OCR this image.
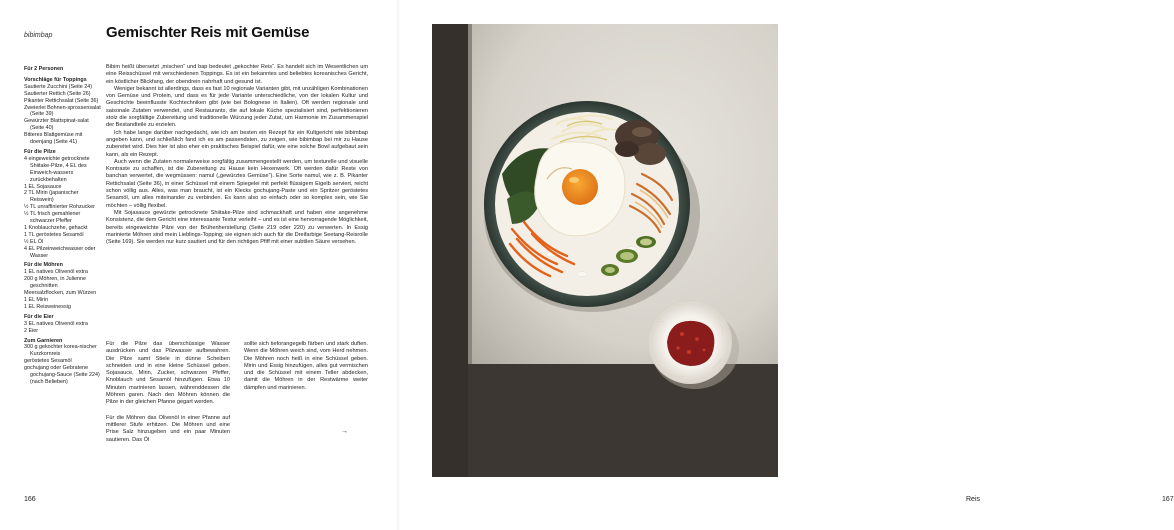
bibimbap	Gemischter Reis mit Gemüse
Für 2 Personen
Vorschläge für Toppings
Sautierte Zucchini (Seite 24)
Sautierter Rettich (Seite 26)
Pikanter Rettichsalat (Seite 36)
Zweierlei Bohnen-sprossensalat (Seite 39)
Gewürzter Blattspinat-salat (Seite 40)
Bitteres Blattgemüse mit doenjang (Seite 41)
Für die Pilze
4 eingeweichte getrocknete Shiitake-Pilze, 4 EL des Einweich-wassers zurückbehalten
1 EL Sojasauce
2 TL Mirin (japanischer Reiswein)
½ TL unraffinierter Rohzucker
½ TL frisch gemahlener schwarzer Pfeffer
1 Knoblauchzehe, gehackt
1 TL geröstetes Sesamöl
½ EL Öl
4 EL Pilzeinweichwasser oder Wasser
Für die Möhren
1 EL natives Olivenöl extra
200 g Möhren, in Julienne geschnitten
Meersalzflocken, zum Würzen
1 EL Mirin
1 EL Reisweinessig
Für die Eier
3 EL natives Olivenöl extra
2 Eier
Zum Garnieren
300 g gekochter korea-nischer Kurzkornreis
geröstetes Sesamöl
gochujang oder Gebratene gochujang-Sauce (Seite 224) (nach Belieben)

Bibim heißt übersetzt „mischen“ und bap bedeutet „gekochter Reis“. Es handelt sich im Wesentlichen um eine Reisschüssel mit verschiedenen Toppings. Es ist ein bekanntes und beliebtes koreanisches Gericht, ein köstlicher Blickfang, der obendrein nahrhaft und gesund ist.

Weniger bekannt ist allerdings, dass es fast 10 regionale Varianten gibt, mit unzähligen Kombinationen von Gemüse und Protein, und dass es für jede Variante unterschiedliche, von der lokalen Kultur und Geschichte beeinflusste Kochtechniken gibt (wie bei Bolognese in Italien). Oft werden regionale und saisonale Zutaten verwendet, und Restaurants, die auf lokale Küche spezialisiert sind, perfektionieren stolz die sorgfältige Zubereitung und traditionelle Würzung jeder Zutat, um Harmonie im Zusammenspiel der Bestandteile zu erzielen.

Ich habe lange darüber nachgedacht, wie ich am besten ein Rezept für ein Kultgericht wie bibimbap angeben kann, und schließlich fand ich es am passendsten, zu zeigen, wie bibimbap bei mir zu Hause zubereitet wird. Dies hier ist also eher ein praktisches Beispiel dafür, wie eine solche Bowl aufgebaut sein kann, als ein Rezept.

Auch wenn die Zutaten normalerweise sorgfältig zusammengestellt werden, um texturelle und visuelle Kontraste zu schaffen, ist die Zubereitung zu Hause kein Hexenwerk. Oft werden dafür Reste von banchan verwertet, die wegmüssen: namul („gewürztes Gemüse“). Eine Sorte namul, wie z. B. Pikanter Rettichsalat (Seite 36), in einer Schüssel mit einem Spiegelei mit perfekt flüssigem Eigelb serviert, reicht schon völlig aus. Alles, was man braucht, ist ein Klecks gochujang-Paste und ein Spritzer geröstetes Sesamöl, um alles miteinander zu verbinden. Es kann also so einfach oder so komplex sein, wie Sie möchten – völlig flexibel.

Mit Sojasauce gewürzte getrocknete Shiitake-Pilze sind schmackhaft und haben eine angenehme Konsistenz, die dem Gericht eine interessante Textur verleiht – und es ist eine hervorragende Möglichkeit, bereits eingeweichte Pilze von der Brühenherstellung (Seite 219 oder 220) zu verwerten. In Essig marinierte Möhren sind mein Lieblings-Topping; sie eignen sich auch für die Dreifarbige Seetang-Reisrolle (Seite 169). Sie werden nur kurz sautiert und für den richtigen Pfiff mit einer subtilen Säure versehen.

Für die Pilze das überschüssige Wasser ausdrücken und das Pilzwasser aufbewahren. Die Pilze samt Stiele in dünne Scheiben schneiden und in eine kleine Schüssel geben. Sojasauce, Mirin, Zucker, schwarzen Pfeffer, Knoblauch und Sesamöl hinzufügen. Etwa 10 Minuten marinieren lassen, währenddessen die Möhren garen. Nach den Möhren können die Pilze in der gleichen Pfanne gegart werden.

Für die Möhren das Olivenöl in einer Pfanne auf mittlerer Stufe erhitzen. Die Möhren und eine Prise Salz hinzugeben und ein paar Minuten sautieren. Das Öl

sollte sich tieforangegelb färben und stark duften. Wenn die Möhren weich sind, vom Herd nehmen. Die Möhren noch heiß in eine Schüssel geben. Mirin und Essig hinzufügen, alles gut vermischen und die Schüssel mit einem Teller abdecken, damit die Möhren in der Restwärme weiter dämpfen und marinieren.

→
166	Reis	167
